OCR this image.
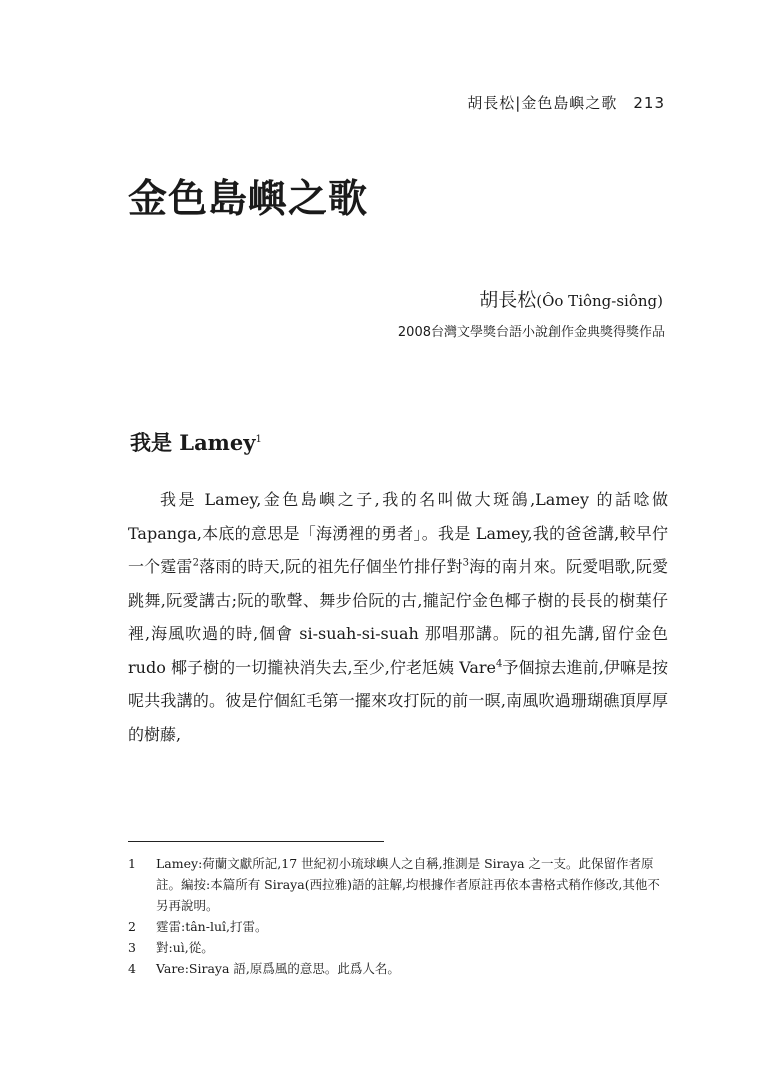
胡長松|金色島嶼之歌 213
金色島嶼之歌
胡長松(Ôo Tiông-siông)
2008台灣文學獎台語小說創作金典獎得獎作品
我是 Lamey$^1$

我是 Lamey,金色島嶼之子,我的名叫做大斑鴿,Lamey 的話唸做 Tapanga,本底的意思是「海湧裡的勇者」。我是 Lamey,我的爸爸講,較早佇一个霆雷$^2$落雨的時天,阮的祖先仔個坐竹排仔對$^3$海的南爿來。阮愛唱歌,阮愛跳舞,阮愛講古;阮的歌聲、舞步佮阮的古,攏記佇金色椰子樹的長長的樹葉仔裡,海風吹過的時,個會 si-suah-si-suah 那唱那講。阮的祖先講,留佇金色 rudo 椰子樹的一切攏袂消失去,至少,佇老尪姨 Vare$^4$予個掠去進前,伊嘛是按呢共我講的。彼是佇個紅毛第一擺來攻打阮的前一暝,南風吹過珊瑚礁頂厚厚的樹藤,

1	Lamey:荷蘭文獻所記,17 世紀初小琉球嶼人之自稱,推測是 Siraya 之一支。此保留作者原註。編按:本篇所有 Siraya(西拉雅)語的註解,均根據作者原註再依本書格式稍作修改,其他不另再說明。
2	霆雷:tân-luî,打雷。
3	對:uì,從。
4	Vare:Siraya 語,原爲風的意思。此爲人名。
